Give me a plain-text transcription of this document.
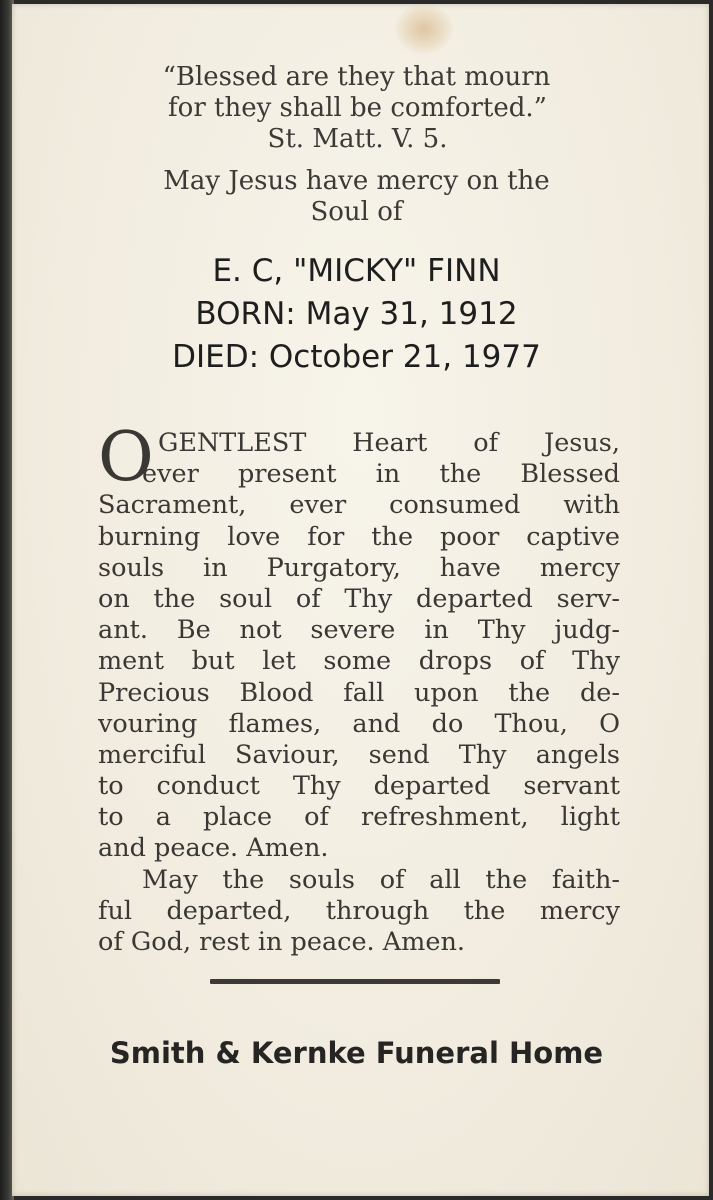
“Blessed are they that mourn
for they shall be comforted.”
St. Matt. V. 5.
May Jesus have mercy on the
Soul of
E. C, "MICKY" FINN
BORN: May 31, 1912
DIED: October 21, 1977
O GENTLEST Heart of Jesus,
ever present in the Blessed
Sacrament, ever consumed with
burning love for the poor captive
souls in Purgatory, have mercy
on the soul of Thy departed serv-
ant. Be not severe in Thy judg-
ment but let some drops of Thy
Precious Blood fall upon the de-
vouring flames, and do Thou, O
merciful Saviour, send Thy angels
to conduct Thy departed servant
to a place of refreshment, light
and peace. Amen.
May the souls of all the faith-
ful departed, through the mercy
of God, rest in peace. Amen.
Smith & Kernke Funeral Home
